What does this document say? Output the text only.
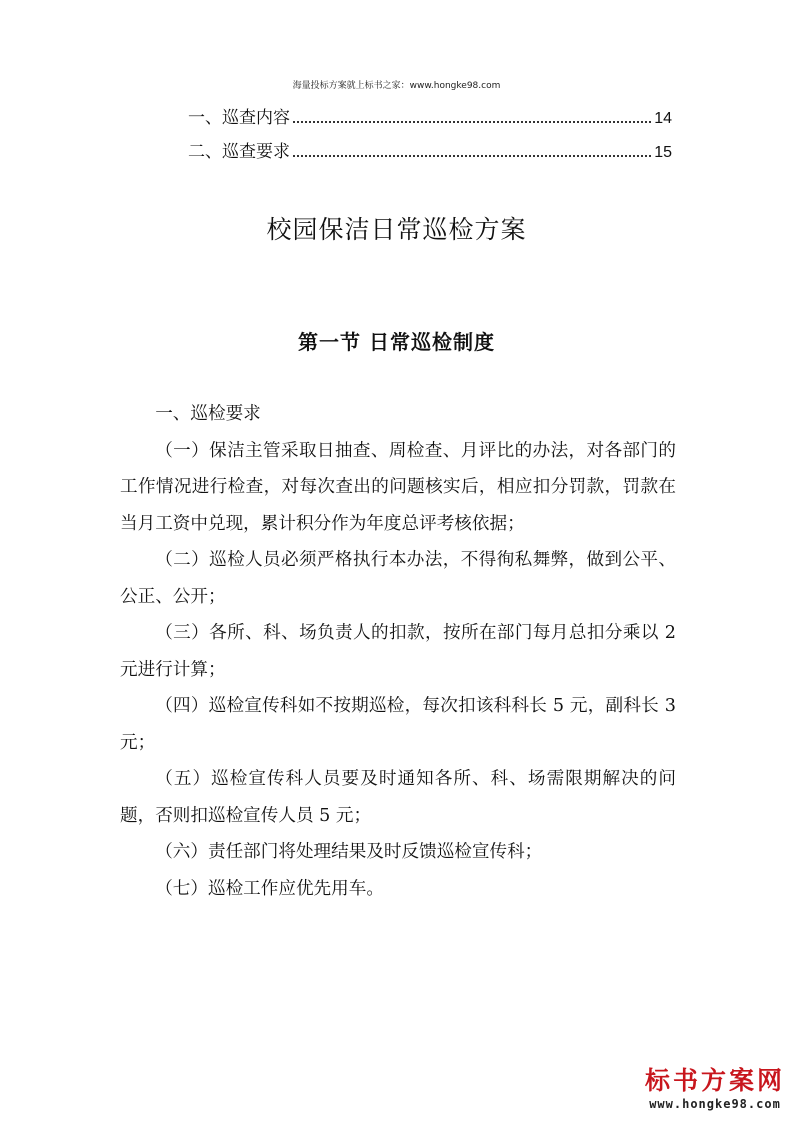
海量投标方案就上标书之家：www.hongke98.com
一、巡查内容	14
二、巡查要求	15
校园保洁日常巡检方案
第一节 日常巡检制度

一、巡检要求

（一）保洁主管采取日抽查、周检查、月评比的办法，对各部门的工作情况进行检查，对每次查出的问题核实后，相应扣分罚款，罚款在当月工资中兑现，累计积分作为年度总评考核依据；

（二）巡检人员必须严格执行本办法，不得徇私舞弊，做到公平、公正、公开；

（三）各所、科、场负责人的扣款，按所在部门每月总扣分乘以 2 元进行计算；

（四）巡检宣传科如不按期巡检，每次扣该科科长 5 元，副科长 3 元；

（五）巡检宣传科人员要及时通知各所、科、场需限期解决的问题，否则扣巡检宣传人员 5 元；

（六）责任部门将处理结果及时反馈巡检宣传科；

（七）巡检工作应优先用车。

标书方案网
www.hongke98.com
